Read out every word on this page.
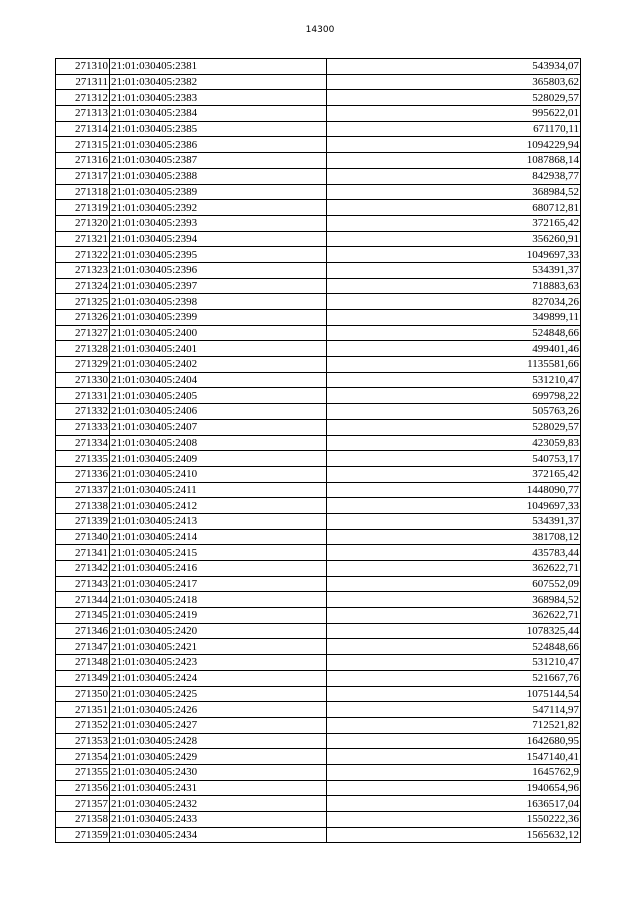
14300
271310	21:01:030405:2381	543934,07
271311	21:01:030405:2382	365803,62
271312	21:01:030405:2383	528029,57
271313	21:01:030405:2384	995622,01
271314	21:01:030405:2385	671170,11
271315	21:01:030405:2386	1094229,94
271316	21:01:030405:2387	1087868,14
271317	21:01:030405:2388	842938,77
271318	21:01:030405:2389	368984,52
271319	21:01:030405:2392	680712,81
271320	21:01:030405:2393	372165,42
271321	21:01:030405:2394	356260,91
271322	21:01:030405:2395	1049697,33
271323	21:01:030405:2396	534391,37
271324	21:01:030405:2397	718883,63
271325	21:01:030405:2398	827034,26
271326	21:01:030405:2399	349899,11
271327	21:01:030405:2400	524848,66
271328	21:01:030405:2401	499401,46
271329	21:01:030405:2402	1135581,66
271330	21:01:030405:2404	531210,47
271331	21:01:030405:2405	699798,22
271332	21:01:030405:2406	505763,26
271333	21:01:030405:2407	528029,57
271334	21:01:030405:2408	423059,83
271335	21:01:030405:2409	540753,17
271336	21:01:030405:2410	372165,42
271337	21:01:030405:2411	1448090,77
271338	21:01:030405:2412	1049697,33
271339	21:01:030405:2413	534391,37
271340	21:01:030405:2414	381708,12
271341	21:01:030405:2415	435783,44
271342	21:01:030405:2416	362622,71
271343	21:01:030405:2417	607552,09
271344	21:01:030405:2418	368984,52
271345	21:01:030405:2419	362622,71
271346	21:01:030405:2420	1078325,44
271347	21:01:030405:2421	524848,66
271348	21:01:030405:2423	531210,47
271349	21:01:030405:2424	521667,76
271350	21:01:030405:2425	1075144,54
271351	21:01:030405:2426	547114,97
271352	21:01:030405:2427	712521,82
271353	21:01:030405:2428	1642680,95
271354	21:01:030405:2429	1547140,41
271355	21:01:030405:2430	1645762,9
271356	21:01:030405:2431	1940654,96
271357	21:01:030405:2432	1636517,04
271358	21:01:030405:2433	1550222,36
271359	21:01:030405:2434	1565632,12
